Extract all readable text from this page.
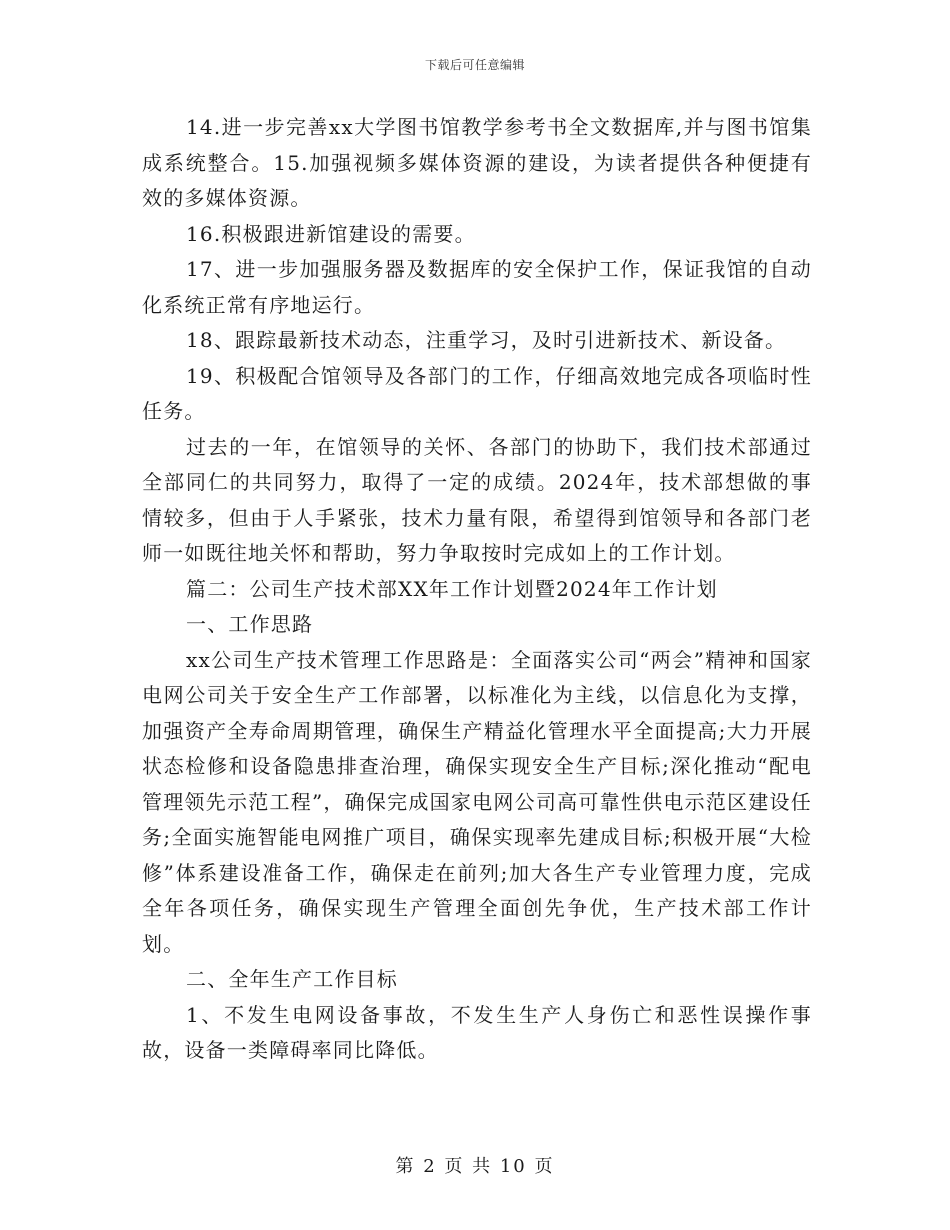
下载后可任意编辑

14.进一步完善xx大学图书馆教学参考书全文数据库,并与图书馆集成系统整合。15.加强视频多媒体资源的建设，为读者提供各种便捷有效的多媒体资源。

16.积极跟进新馆建设的需要。

17、进一步加强服务器及数据库的安全保护工作，保证我馆的自动化系统正常有序地运行。

18、跟踪最新技术动态，注重学习，及时引进新技术、新设备。

19、积极配合馆领导及各部门的工作，仔细高效地完成各项临时性任务。

过去的一年，在馆领导的关怀、各部门的协助下，我们技术部通过全部同仁的共同努力，取得了一定的成绩。2024年，技术部想做的事情较多，但由于人手紧张，技术力量有限，希望得到馆领导和各部门老师一如既往地关怀和帮助，努力争取按时完成如上的工作计划。

篇二：公司生产技术部XX年工作计划暨2024年工作计划

一、工作思路

xx公司生产技术管理工作思路是：全面落实公司“两会”精神和国家电网公司关于安全生产工作部署，以标准化为主线，以信息化为支撑，加强资产全寿命周期管理，确保生产精益化管理水平全面提高;大力开展状态检修和设备隐患排查治理，确保实现安全生产目标;深化推动“配电管理领先示范工程”，确保完成国家电网公司高可靠性供电示范区建设任务;全面实施智能电网推广项目，确保实现率先建成目标;积极开展“大检修”体系建设准备工作，确保走在前列;加大各生产专业管理力度，完成全年各项任务，确保实现生产管理全面创先争优，生产技术部工作计划。

二、全年生产工作目标

1、不发生电网设备事故，不发生生产人身伤亡和恶性误操作事故，设备一类障碍率同比降低。

第 2 页 共 10 页
